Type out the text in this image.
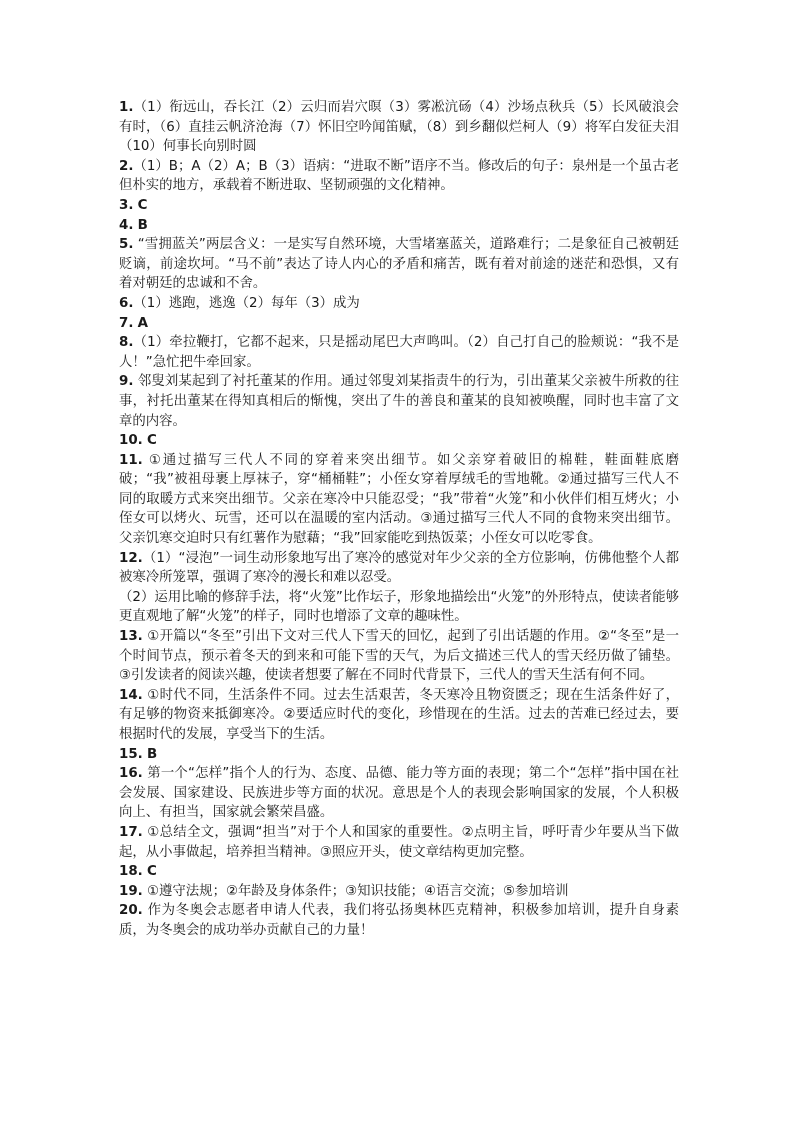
1.（1）衔远山，吞长江（2）云归而岩穴暝（3）雾凇沆砀（4）沙场点秋兵（5）长风破浪会有时，（6）直挂云帆济沧海（7）怀旧空吟闻笛赋，（8）到乡翻似烂柯人（9）将军白发征夫泪（10）何事长向别时圆

2.（1）B；A（2）A；B（3）语病：“进取不断”语序不当。修改后的句子：泉州是一个虽古老但朴实的地方，承载着不断进取、坚韧顽强的文化精神。

3. C

4. B

5. “雪拥蓝关”两层含义：一是实写自然环境，大雪堵塞蓝关，道路难行；二是象征自己被朝廷贬谪，前途坎坷。“马不前”表达了诗人内心的矛盾和痛苦，既有着对前途的迷茫和恐惧，又有着对朝廷的忠诚和不舍。

6.（1）逃跑，逃逸（2）每年（3）成为

7. A

8.（1）牵拉鞭打，它都不起来，只是摇动尾巴大声鸣叫。（2）自己打自己的脸颊说：“我不是人！”急忙把牛牵回家。

9. 邻叟刘某起到了衬托董某的作用。通过邻叟刘某指责牛的行为，引出董某父亲被牛所救的往事，衬托出董某在得知真相后的惭愧，突出了牛的善良和董某的良知被唤醒，同时也丰富了文章的内容。

10. C

11. ①通过描写三代人不同的穿着来突出细节。如父亲穿着破旧的棉鞋，鞋面鞋底磨破；“我”被祖母裹上厚袜子，穿“桶桶鞋”；小侄女穿着厚绒毛的雪地靴。②通过描写三代人不同的取暖方式来突出细节。父亲在寒冷中只能忍受；“我”带着“火笼”和小伙伴们相互烤火；小侄女可以烤火、玩雪，还可以在温暖的室内活动。③通过描写三代人不同的食物来突出细节。父亲饥寒交迫时只有红薯作为慰藉；“我”回家能吃到热饭菜；小侄女可以吃零食。

12.（1）“浸泡”一词生动形象地写出了寒冷的感觉对年少父亲的全方位影响，仿佛他整个人都被寒冷所笼罩，强调了寒冷的漫长和难以忍受。

（2）运用比喻的修辞手法，将“火笼”比作坛子，形象地描绘出“火笼”的外形特点，使读者能够更直观地了解“火笼”的样子，同时也增添了文章的趣味性。

13. ①开篇以“冬至”引出下文对三代人下雪天的回忆，起到了引出话题的作用。②“冬至”是一个时间节点，预示着冬天的到来和可能下雪的天气，为后文描述三代人的雪天经历做了铺垫。③引发读者的阅读兴趣，使读者想要了解在不同时代背景下，三代人的雪天生活有何不同。

14. ①时代不同，生活条件不同。过去生活艰苦，冬天寒冷且物资匮乏；现在生活条件好了，有足够的物资来抵御寒冷。②要适应时代的变化，珍惜现在的生活。过去的苦难已经过去，要根据时代的发展，享受当下的生活。

15. B

16. 第一个“怎样”指个人的行为、态度、品德、能力等方面的表现；第二个“怎样”指中国在社会发展、国家建设、民族进步等方面的状况。意思是个人的表现会影响国家的发展，个人积极向上、有担当，国家就会繁荣昌盛。

17. ①总结全文，强调“担当”对于个人和国家的重要性。②点明主旨，呼吁青少年要从当下做起，从小事做起，培养担当精神。③照应开头，使文章结构更加完整。

18. C

19. ①遵守法规；②年龄及身体条件；③知识技能；④语言交流；⑤参加培训

20. 作为冬奥会志愿者申请人代表，我们将弘扬奥林匹克精神，积极参加培训，提升自身素质，为冬奥会的成功举办贡献自己的力量！
